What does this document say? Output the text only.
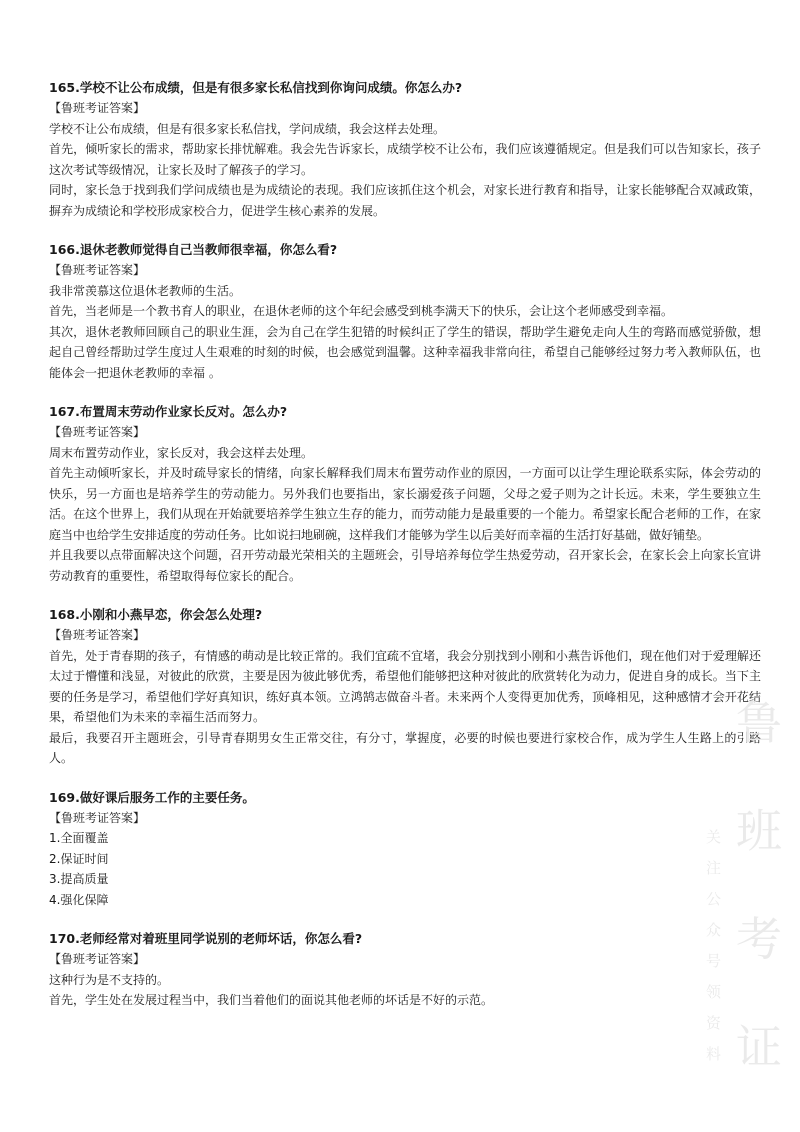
165.学校不让公布成绩，但是有很多家长私信找到你询问成绩。你怎么办?

【鲁班考证答案】

学校不让公布成绩，但是有很多家长私信找，学问成绩，我会这样去处理。

首先，倾听家长的需求，帮助家长排忧解难。我会先告诉家长，成绩学校不让公布，我们应该遵循规定。但是我们可以告知家长，孩子这次考试等级情况，让家长及时了解孩子的学习。

同时，家长急于找到我们学问成绩也是为成绩论的表现。我们应该抓住这个机会，对家长进行教育和指导，让家长能够配合双减政策，摒弃为成绩论和学校形成家校合力，促进学生核心素养的发展。

166.退休老教师觉得自己当教师很幸福，你怎么看?

【鲁班考证答案】

我非常羡慕这位退休老教师的生活。

首先，当老师是一个教书育人的职业，在退休老师的这个年纪会感受到桃李满天下的快乐，会让这个老师感受到幸福。

其次，退休老教师回顾自己的职业生涯，会为自己在学生犯错的时候纠正了学生的错误，帮助学生避免走向人生的弯路而感觉骄傲，想起自己曾经帮助过学生度过人生艰难的时刻的时候，也会感觉到温馨。这种幸福我非常向往，希望自己能够经过努力考入教师队伍，也能体会一把退休老教师的幸福 。

167.布置周末劳动作业家长反对。怎么办?

【鲁班考证答案】

周末布置劳动作业，家长反对，我会这样去处理。

首先主动倾听家长，并及时疏导家长的情绪，向家长解释我们周末布置劳动作业的原因，一方面可以让学生理论联系实际，体会劳动的快乐，另一方面也是培养学生的劳动能力。另外我们也要指出，家长溺爱孩子问题，父母之爱子则为之计长远。未来，学生要独立生活。在这个世界上，我们从现在开始就要培养学生独立生存的能力，而劳动能力是最重要的一个能力。希望家长配合老师的工作，在家庭当中也给学生安排适度的劳动任务。比如说扫地刷碗，这样我们才能够为学生以后美好而幸福的生活打好基础，做好铺垫。

并且我要以点带面解决这个问题，召开劳动最光荣相关的主题班会，引导培养每位学生热爱劳动，召开家长会，在家长会上向家长宣讲劳动教育的重要性，希望取得每位家长的配合。

168.小刚和小燕早恋，你会怎么处理?

【鲁班考证答案】

首先，处于青春期的孩子，有情感的萌动是比较正常的。我们宜疏不宜堵，我会分别找到小刚和小燕告诉他们，现在他们对于爱理解还太过于懵懂和浅显，对彼此的欣赏，主要是因为彼此够优秀，希望他们能够把这种对彼此的欣赏转化为动力，促进自身的成长。当下主要的任务是学习，希望他们学好真知识，练好真本领。立鸿鹄志做奋斗者。未来两个人变得更加优秀，顶峰相见，这种感情才会开花结果，希望他们为未来的幸福生活而努力。

最后，我要召开主题班会，引导青春期男女生正常交往，有分寸，掌握度，必要的时候也要进行家校合作，成为学生人生路上的引路人。

169.做好课后服务工作的主要任务。

【鲁班考证答案】

1.全面覆盖

2.保证时间

3.提高质量

4.强化保障

170.老师经常对着班里同学说别的老师坏话，你怎么看?

【鲁班考证答案】

这种行为是不支持的。

首先，学生处在发展过程当中，我们当着他们的面说其他老师的坏话是不好的示范。

鲁
班
考
证
关注公众号领资料
